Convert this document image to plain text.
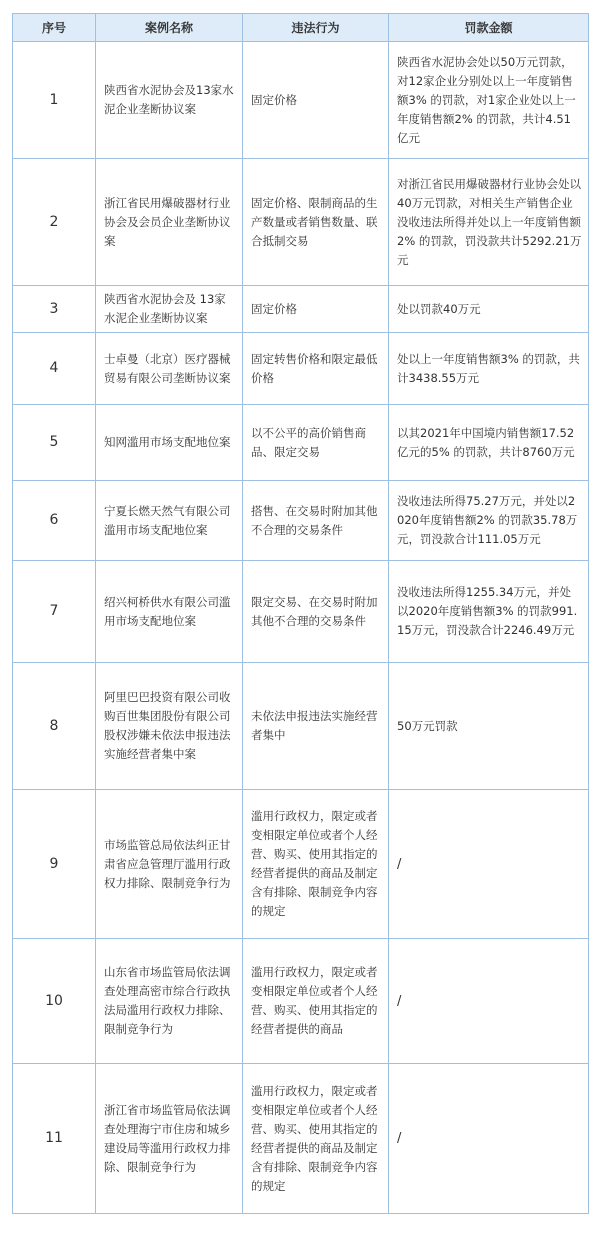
序号	案例名称	违法行为	罚款金额
1	陕西省水泥协会及13家水泥企业垄断协议案	固定价格	陕西省水泥协会处以50万元罚款，对12家企业分别处以上一年度销售额3% 的罚款，对1家企业处以上一年度销售额2% 的罚款，共计4.51亿元
2	浙江省民用爆破器材行业协会及会员企业垄断协议案	固定价格、限制商品的生产数量或者销售数量、联合抵制交易	对浙江省民用爆破器材行业协会处以40万元罚款，对相关生产销售企业没收违法所得并处以上一年度销售额2% 的罚款，罚没款共计5292.21万元
3	陕西省水泥协会及 13家水泥企业垄断协议案	固定价格	处以罚款40万元
4	士卓曼（北京）医疗器械贸易有限公司垄断协议案	固定转售价格和限定最低价格	处以上一年度销售额3% 的罚款，共计3438.55万元
5	知网滥用市场支配地位案	以不公平的高价销售商品、限定交易	以其2021年中国境内销售额17.52亿元的5% 的罚款，共计8760万元
6	宁夏长燃天然气有限公司滥用市场支配地位案	搭售、在交易时附加其他不合理的交易条件	没收违法所得75.27万元，并处以2020年度销售额2% 的罚款35.78万元，罚没款合计111.05万元
7	绍兴柯桥供水有限公司滥用市场支配地位案	限定交易、在交易时附加其他不合理的交易条件	没收违法所得1255.34万元，并处以2020年度销售额3% 的罚款991.15万元，罚没款合计2246.49万元
8	阿里巴巴投资有限公司收购百世集团股份有限公司股权涉嫌未依法申报违法实施经营者集中案	未依法申报违法实施经营者集中	50万元罚款
9	市场监管总局依法纠正甘肃省应急管理厅滥用行政权力排除、限制竞争行为	滥用行政权力，限定或者变相限定单位或者个人经营、购买、使用其指定的经营者提供的商品及制定含有排除、限制竞争内容的规定	/
10	山东省市场监管局依法调查处理高密市综合行政执法局滥用行政权力排除、限制竞争行为	滥用行政权力，限定或者变相限定单位或者个人经营、购买、使用其指定的经营者提供的商品	/
11	浙江省市场监管局依法调查处理海宁市住房和城乡建设局等滥用行政权力排除、限制竞争行为	滥用行政权力，限定或者变相限定单位或者个人经营、购买、使用其指定的经营者提供的商品及制定含有排除、限制竞争内容的规定	/
